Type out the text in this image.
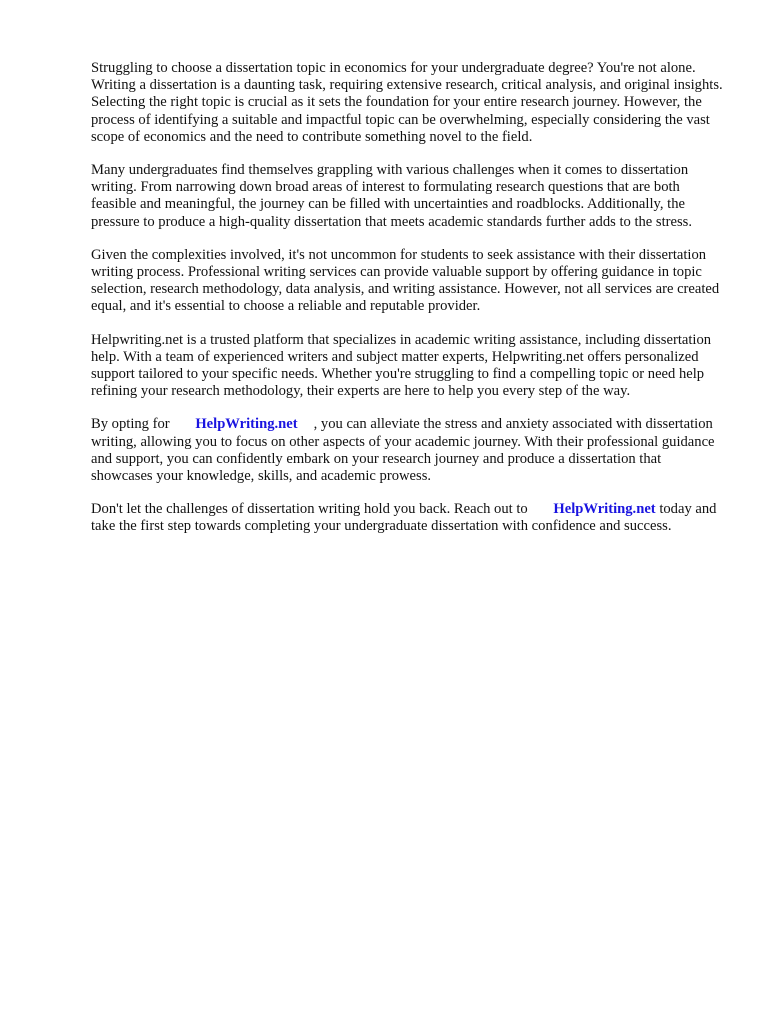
Struggling to choose a dissertation topic in economics for your undergraduate degree? You're not alone. Writing a dissertation is a daunting task, requiring extensive research, critical analysis, and original insights. Selecting the right topic is crucial as it sets the foundation for your entire research journey. However, the process of identifying a suitable and impactful topic can be overwhelming, especially considering the vast scope of economics and the need to contribute something novel to the field.

Many undergraduates find themselves grappling with various challenges when it comes to dissertation writing. From narrowing down broad areas of interest to formulating research questions that are both feasible and meaningful, the journey can be filled with uncertainties and roadblocks. Additionally, the pressure to produce a high-quality dissertation that meets academic standards further adds to the stress.

Given the complexities involved, it's not uncommon for students to seek assistance with their dissertation writing process. Professional writing services can provide valuable support by offering guidance in topic selection, research methodology, data analysis, and writing assistance. However, not all services are created equal, and it's essential to choose a reliable and reputable provider.

Helpwriting.net is a trusted platform that specializes in academic writing assistance, including dissertation help. With a team of experienced writers and subject matter experts, Helpwriting.net offers personalized support tailored to your specific needs. Whether you're struggling to find a compelling topic or need help refining your research methodology, their experts are here to help you every step of the way.

By opting for HelpWriting.net , you can alleviate the stress and anxiety associated with dissertation writing, allowing you to focus on other aspects of your academic journey. With their professional guidance and support, you can confidently embark on your research journey and produce a dissertation that showcases your knowledge, skills, and academic prowess.

Don't let the challenges of dissertation writing hold you back. Reach out to HelpWriting.net today and take the first step towards completing your undergraduate dissertation with confidence and success.
